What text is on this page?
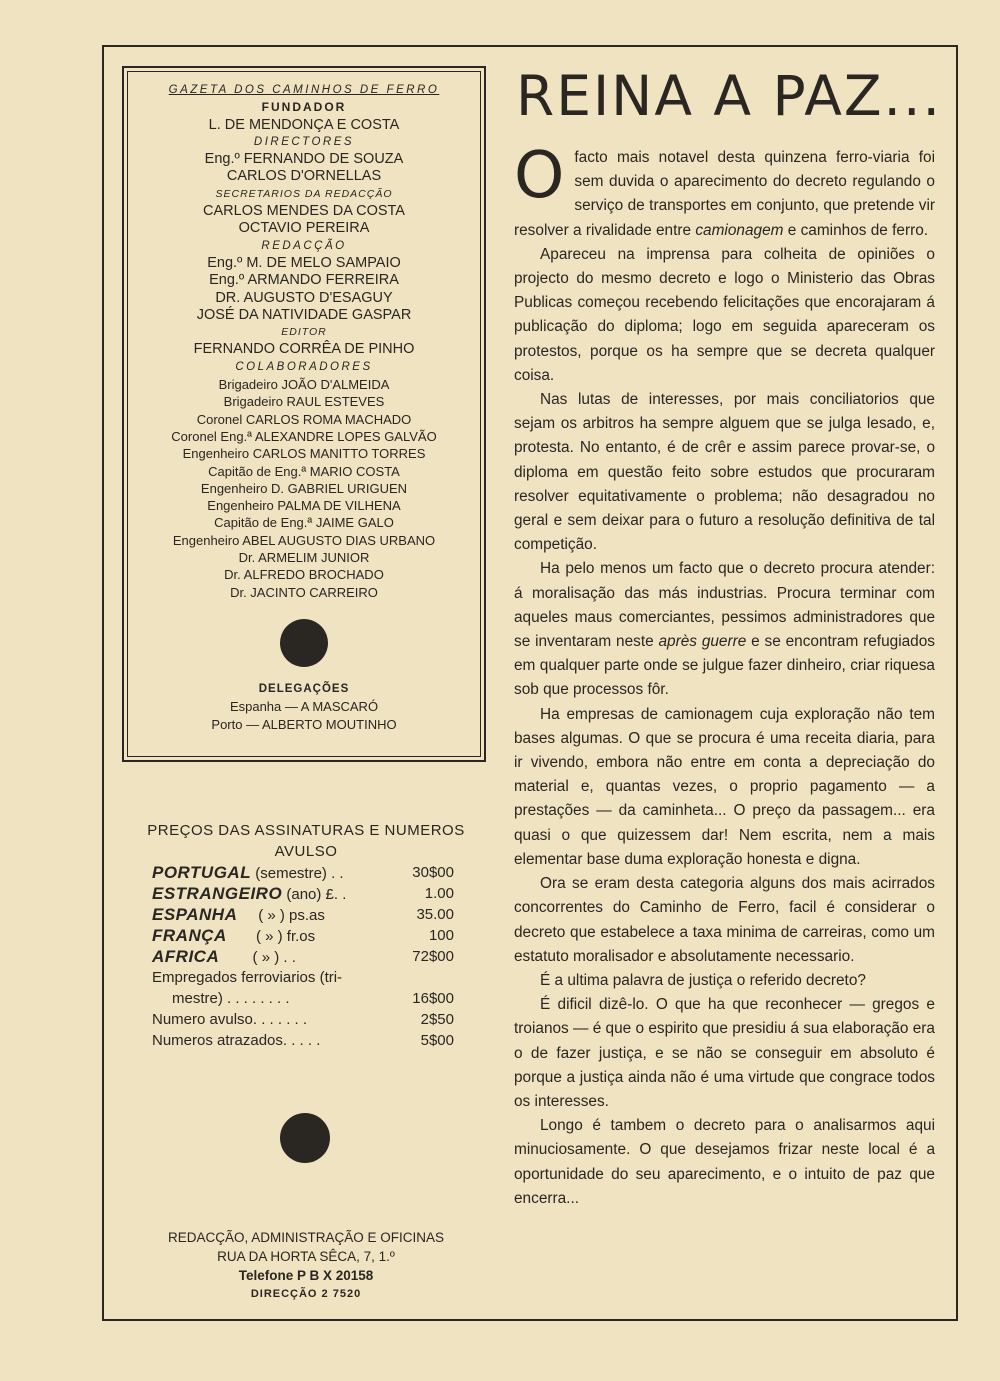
GAZETA DOS CAMINHOS DE FERRO
FUNDADOR
L. DE MENDONÇA E COSTA
DIRECTORES
Eng.º FERNANDO DE SOUZA
CARLOS D'ORNELLAS
SECRETARIOS DA REDACÇÃO
CARLOS MENDES DA COSTA
OCTAVIO PEREIRA
REDACÇÃO
Eng.º M. DE MELO SAMPAIO
Eng.º ARMANDO FERREIRA
DR. AUGUSTO D'ESAGUY
JOSÉ DA NATIVIDADE GASPAR
EDITOR
FERNANDO CORRÊA DE PINHO
COLABORADORES
Brigadeiro JOÃO D'ALMEIDA
Brigadeiro RAUL ESTEVES
Coronel CARLOS ROMA MACHADO
Coronel Eng.ª ALEXANDRE LOPES GALVÃO
Engenheiro CARLOS MANITTO TORRES
Capitão de Eng.ª MARIO COSTA
Engenheiro D. GABRIEL URIGUEN
Engenheiro PALMA DE VILHENA
Capitão de Eng.ª JAIME GALO
Engenheiro ABEL AUGUSTO DIAS URBANO
Dr. ARMELIM JUNIOR
Dr. ALFREDO BROCHADO
Dr. JACINTO CARREIRO
DELEGAÇÕES
Espanha — A MASCARÓ
Porto — ALBERTO MOUTINHO
PREÇOS DAS ASSINATURAS E NUMEROS
AVULSO
PORTUGAL (semestre) . .	30$00
ESTRANGEIRO (ano) £. .	1.00
ESPANHA     ( » ) ps.as	35.00
FRANÇA       ( » ) fr.os	100
AFRICA        ( » ) . .	72$00
Empregados ferroviarios (tri-
mestre) . . . . . . . .	16$00
Numero avulso. . . . . . .	2$50
Numeros atrazados. . . . .	5$00
REDACÇÃO, ADMINISTRAÇÃO E OFICINAS
RUA DA HORTA SÊCA, 7, 1.º
Telefone P B X 20158
DIRECÇÃO 2 7520
REINA A PAZ...

Ofacto mais notavel desta quinzena ferro-viaria foi sem duvida o aparecimento do decreto regulando o serviço de transportes em conjunto, que pretende vir resolver a rivalidade entre camionagem e caminhos de ferro.

Apareceu na imprensa para colheita de opiniões o projecto do mesmo decreto e logo o Ministerio das Obras Publicas começou recebendo felicitações que encorajaram á publicação do diploma; logo em seguida apareceram os protestos, porque os ha sempre que se decreta qualquer coisa.

Nas lutas de interesses, por mais conciliatorios que sejam os arbitros ha sempre alguem que se julga lesado, e, protesta. No entanto, é de crêr e assim parece provar-se, o diploma em questão feito sobre estudos que procuraram resolver equitativamente o problema; não desagradou no geral e sem deixar para o futuro a resolução definitiva de tal competição.

Ha pelo menos um facto que o decreto procura atender: á moralisação das más industrias. Procura terminar com aqueles maus comerciantes, pessimos administradores que se inventaram neste après guerre e se encontram refugiados em qualquer parte onde se julgue fazer dinheiro, criar riquesa sob que processos fôr.

Ha empresas de camionagem cuja exploração não tem bases algumas. O que se procura é uma receita diaria, para ir vivendo, embora não entre em conta a depreciação do material e, quantas vezes, o proprio pagamento — a prestações — da caminheta... O preço da passagem... era quasi o que quizessem dar! Nem escrita, nem a mais elementar base duma exploração honesta e digna.

Ora se eram desta categoria alguns dos mais acirrados concorrentes do Caminho de Ferro, facil é considerar o decreto que estabelece a taxa minima de carreiras, como um estatuto moralisador e absolutamente necessario.

É a ultima palavra de justiça o referido decreto?

É dificil dizê-lo. O que ha que reconhecer — gregos e troianos — é que o espirito que presidiu á sua elaboração era o de fazer justiça, e se não se conseguir em absoluto é porque a justiça ainda não é uma virtude que congrace todos os interesses.

Longo é tambem o decreto para o analisarmos aqui minuciosamente. O que desejamos frizar neste local é a oportunidade do seu aparecimento, e o intuito de paz que encerra...
